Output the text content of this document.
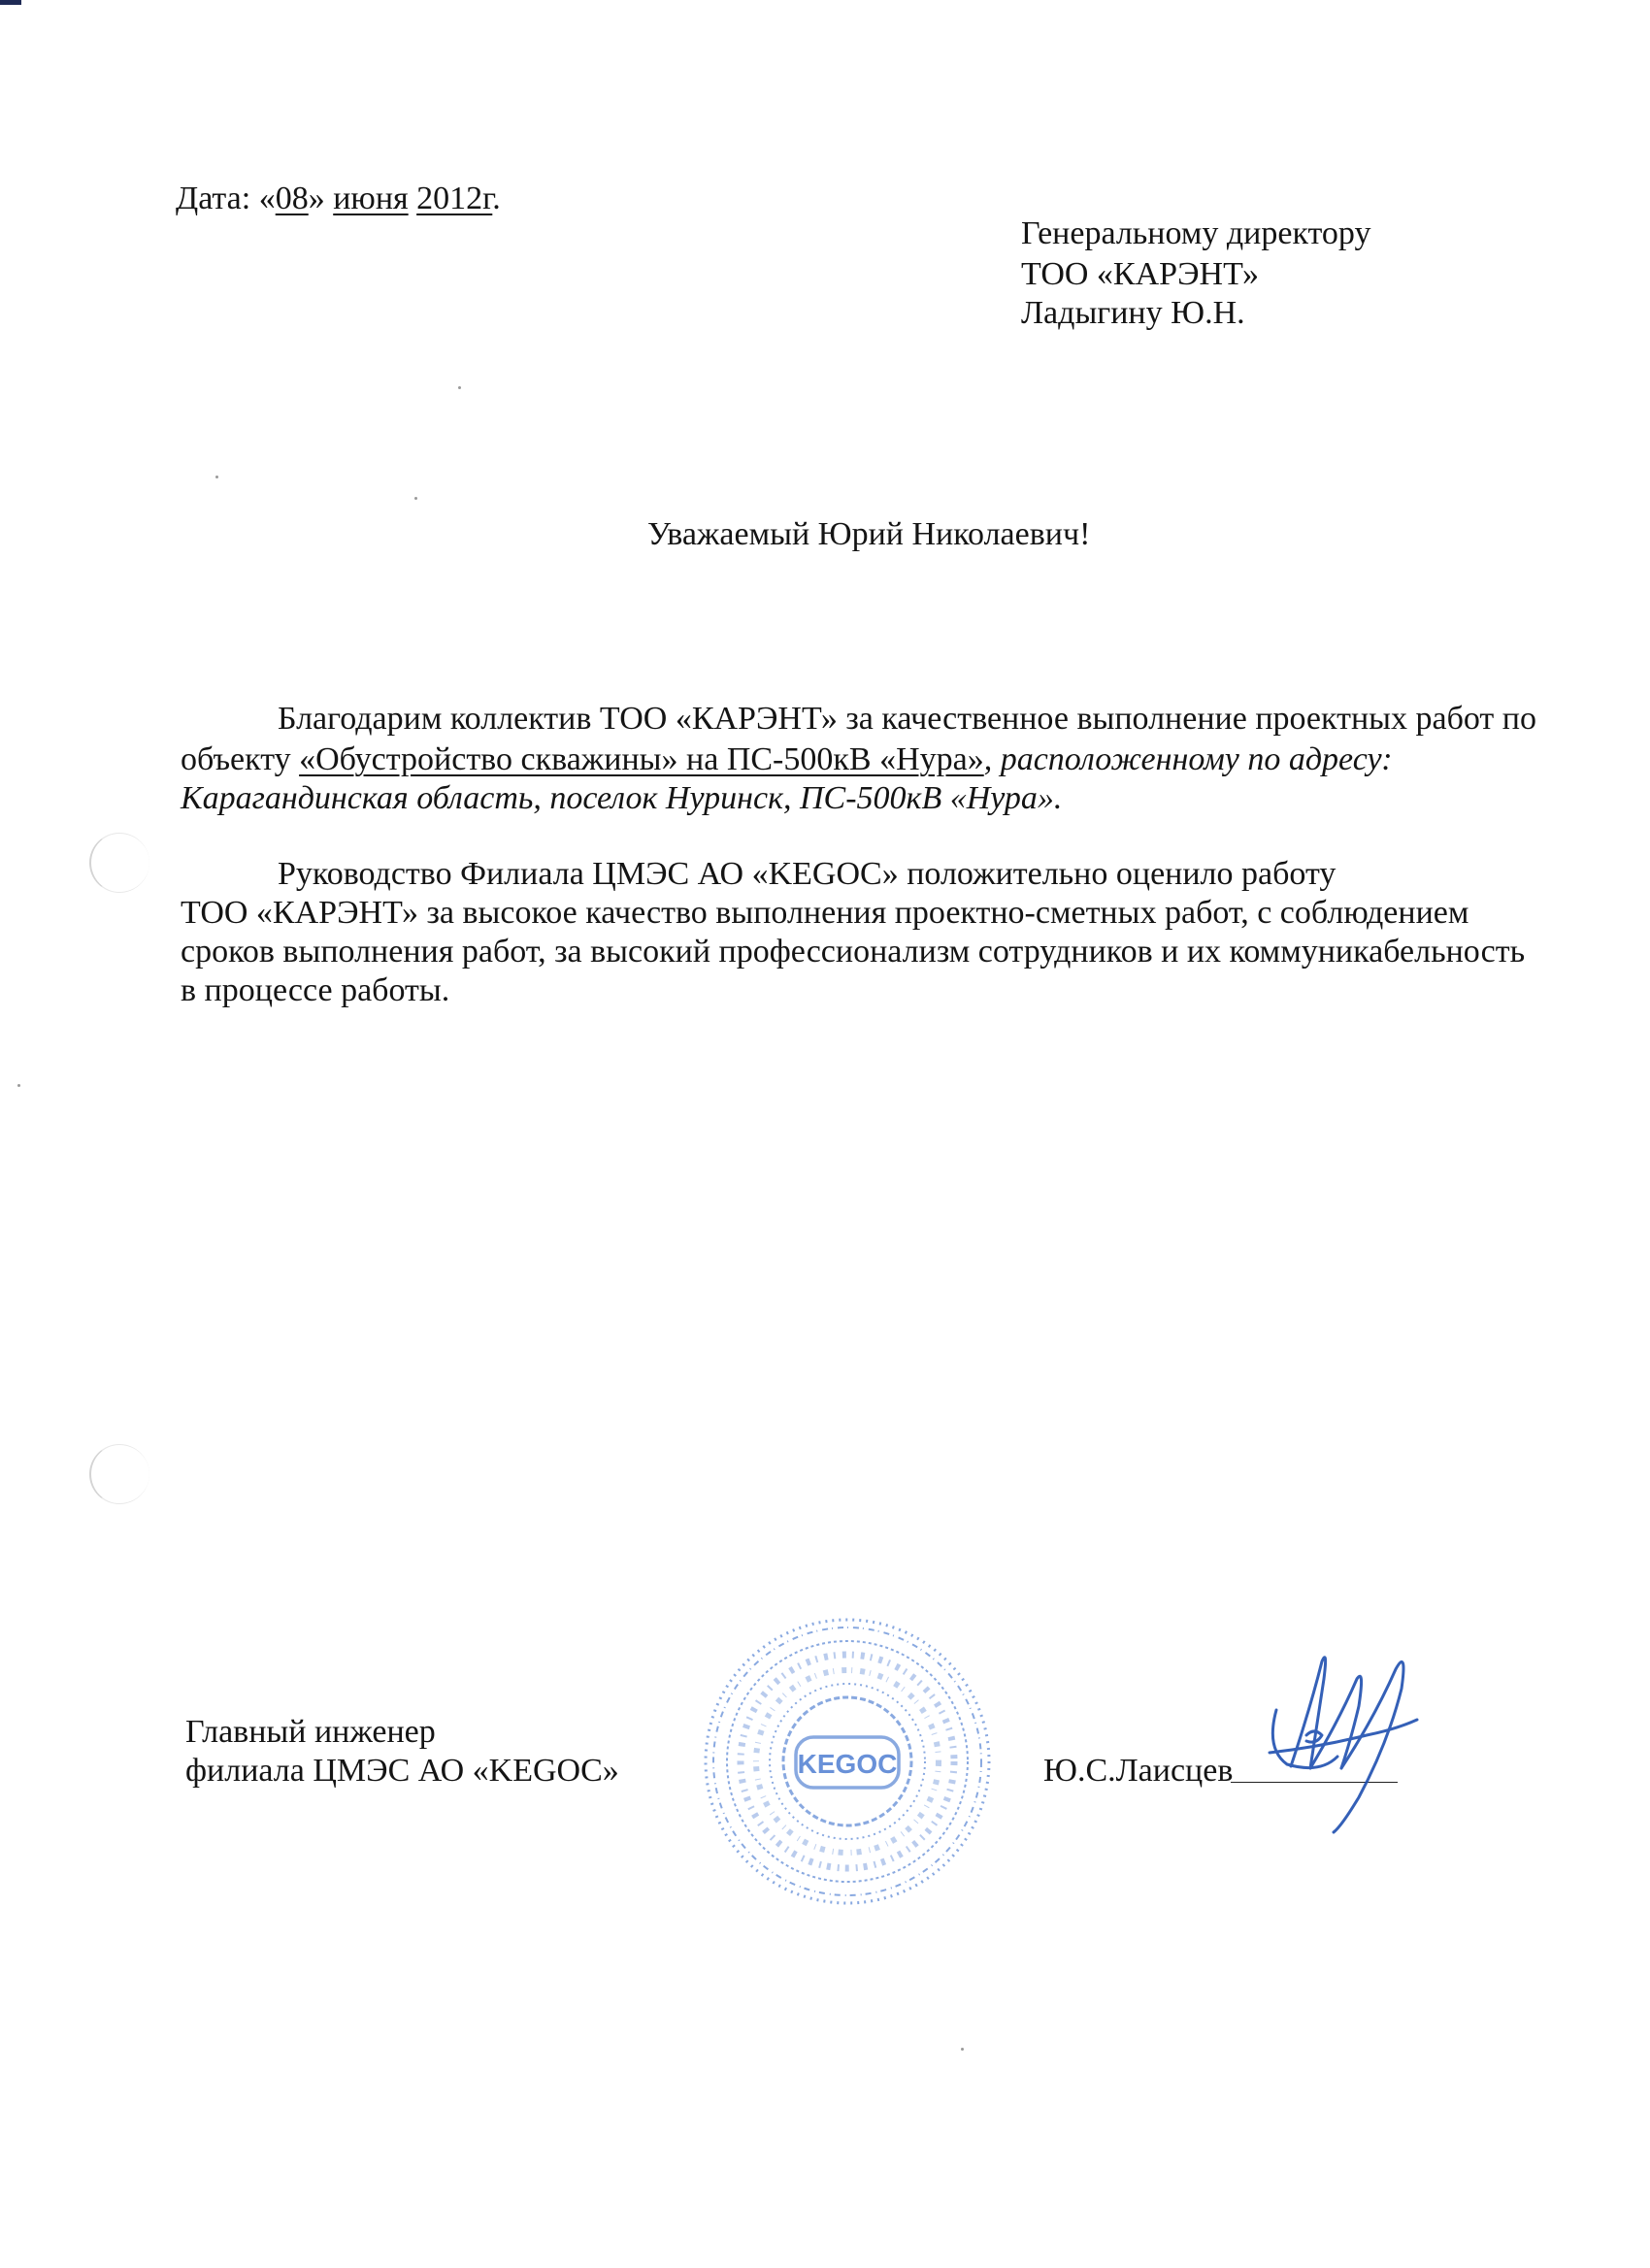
Дата: «08» июня 2012г.
Генеральному директору
ТОО «КАРЭНТ»
Ладыгину Ю.Н.
Уважаемый Юрий Николаевич!
Благодарим коллектив ТОО «КАРЭНТ» за качественное выполнение проектных работ по
объекту «Обустройство скважины» на ПС-500кВ «Нура», расположенному по адресу:
Карагандинская область, поселок Нуринск, ПС-500кВ «Нура».
Руководство Филиала ЦМЭС АО «KEGOC» положительно оценило работу
ТОО «КАРЭНТ» за высокое качество выполнения проектно-сметных работ, с соблюдением
сроков выполнения работ, за высокий профессионализм сотрудников и их коммуникабельность
в процессе работы.
Главный инженер
филиала ЦМЭС АО «KEGOC»	Ю.С.Лаисцев
KEGOC
